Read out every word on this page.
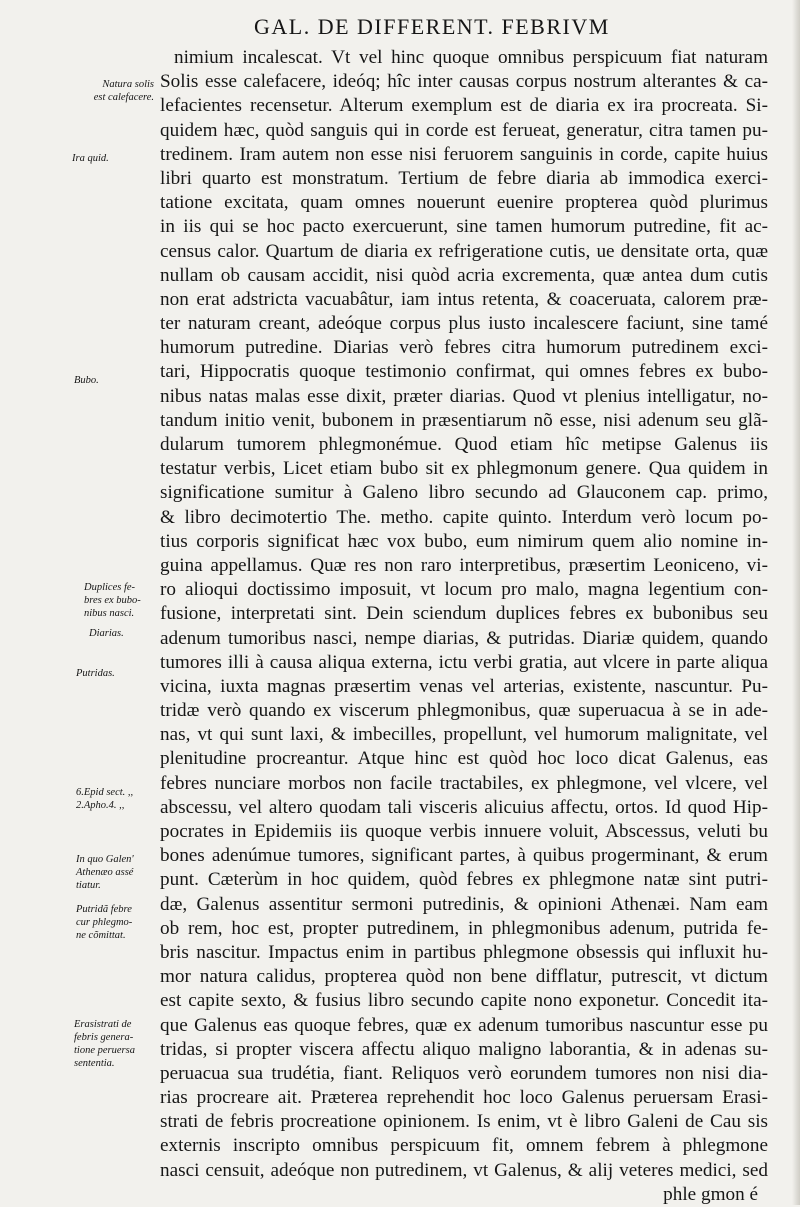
GAL. DE DIFFERENT. FEBRIVM
Natura solis
est calefacere.
Ira quid.
Bubo.
Duplices fe-
bres ex bubo-
nibus nasci.
Diarias.
Putridas.
6.Epid sect. ,,
2.Apho.4. ,,
In quo Galen'
Athenæo assé
tiatur.
Putridã febre
cur phlegmo-
ne cõmittat.
Erasistrati de
febris genera-
tione peruersa
sententia.
nimium incalescat. Vt vel hinc quoque omnibus perspicuum fiat naturam
Solis esse calefacere, ideóq; hîc inter causas corpus nostrum alterantes & ca-
lefacientes recensetur. Alterum exemplum est de diaria ex ira procreata. Si-
quidem hæc, quòd sanguis qui in corde est ferueat, generatur, citra tamen pu-
tredinem. Iram autem non esse nisi feruorem sanguinis in corde, capite huius
libri quarto est monstratum. Tertium de febre diaria ab immodica exerci-
tatione excitata, quam omnes nouerunt euenire propterea quòd plurimus
in iis qui se hoc pacto exercuerunt, sine tamen humorum putredine, fit ac-
census calor. Quartum de diaria ex refrigeratione cutis, ue densitate orta, quæ
nullam ob causam accidit, nisi quòd acria excrementa, quæ antea dum cutis
non erat adstricta vacuabâtur, iam intus retenta, & coaceruata, calorem præ-
ter naturam creant, adeóque corpus plus iusto incalescere faciunt, sine tamé
humorum putredine. Diarias verò febres citra humorum putredinem exci-
tari, Hippocratis quoque testimonio confirmat, qui omnes febres ex bubo-
nibus natas malas esse dixit, præter diarias. Quod vt plenius intelligatur, no-
tandum initio venit, bubonem in præsentiarum nõ esse, nisi adenum seu glã-
dularum tumorem phlegmonémue. Quod etiam hîc metipse Galenus iis
testatur verbis, Licet etiam bubo sit ex phlegmonum genere. Qua quidem in
significatione sumitur à Galeno libro secundo ad Glauconem cap. primo,
& libro decimotertio The. metho. capite quinto. Interdum verò locum po-
tius corporis significat hæc vox bubo, eum nimirum quem alio nomine in-
guina appellamus. Quæ res non raro interpretibus, præsertim Leoniceno, vi-
ro alioqui doctissimo imposuit, vt locum pro malo, magna legentium con-
fusione, interpretati sint. Dein sciendum duplices febres ex bubonibus seu
adenum tumoribus nasci, nempe diarias, & putridas. Diariæ quidem, quando
tumores illi à causa aliqua externa, ictu verbi gratia, aut vlcere in parte aliqua
vicina, iuxta magnas præsertim venas vel arterias, existente, nascuntur. Pu-
tridæ verò quando ex viscerum phlegmonibus, quæ superuacua à se in ade-
nas, vt qui sunt laxi, & imbecilles, propellunt, vel humorum malignitate, vel
plenitudine procreantur. Atque hinc est quòd hoc loco dicat Galenus, eas
febres nunciare morbos non facile tractabiles, ex phlegmone, vel vlcere, vel
abscessu, vel altero quodam tali visceris alicuius affectu, ortos. Id quod Hip-
pocrates in Epidemiis iis quoque verbis innuere voluit, Abscessus, veluti bu
bones adenúmue tumores, significant partes, à quibus progerminant, & erum
punt. Cæterùm in hoc quidem, quòd febres ex phlegmone natæ sint putri-
dæ, Galenus assentitur sermoni putredinis, & opinioni Athenæi. Nam eam
ob rem, hoc est, propter putredinem, in phlegmonibus adenum, putrida fe-
bris nascitur. Impactus enim in partibus phlegmone obsessis qui influxit hu-
mor natura calidus, propterea quòd non bene difflatur, putrescit, vt dictum
est capite sexto, & fusius libro secundo capite nono exponetur. Concedit ita-
que Galenus eas quoque febres, quæ ex adenum tumoribus nascuntur esse pu
tridas, si propter viscera affectu aliquo maligno laborantia, & in adenas su-
peruacua sua trudétia, fiant. Reliquos verò eorundem tumores non nisi dia-
rias procreare ait. Præterea reprehendit hoc loco Galenus peruersam Erasi-
strati de febris procreatione opinionem. Is enim, vt è libro Galeni de Cau sis
externis inscripto omnibus perspicuum fit, omnem febrem à phlegmone
nasci censuit, adeóque non putredinem, vt Galenus, & alij veteres medici, sed
phle gmon é
